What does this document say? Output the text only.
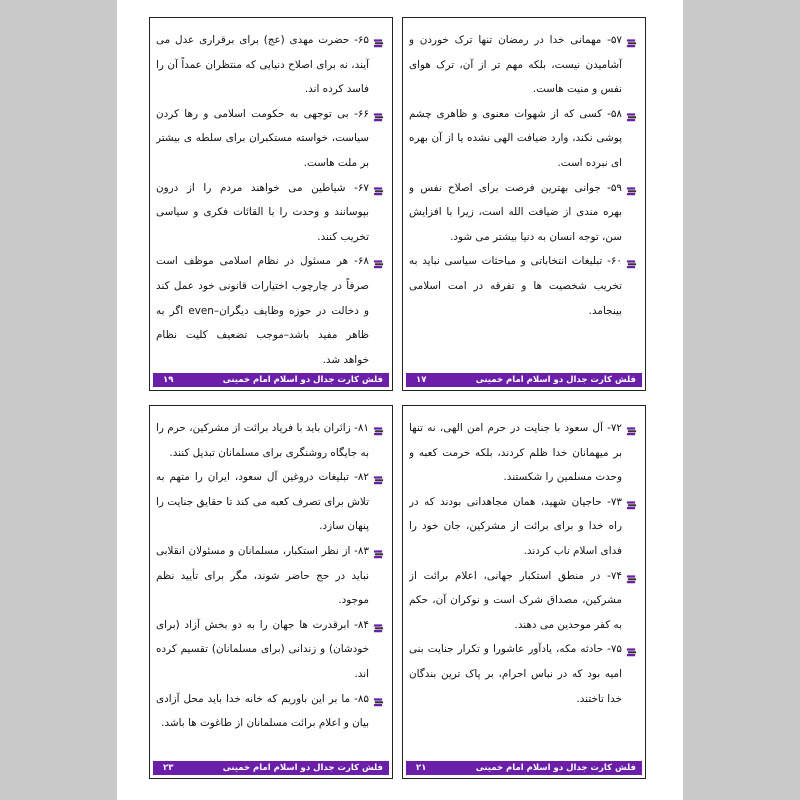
۵۷- مهمانی خدا در رمضان تنها ترک خوردن و آشامیدن نیست، بلکه مهم تر از آن، ترک هوای نفس و منیت هاست.

۵۸- کسی که از شهوات معنوی و ظاهری چشم پوشی نکند، وارد ضیافت الهی نشده یا از آن بهره ای نبرده است.

۵۹- جوانی بهترین فرصت برای اصلاح نفس و بهره مندی از ضیافت الله است، زیرا با افزایش سن، توجه انسان به دنیا بیشتر می شود.

۶۰- تبلیغات انتخاباتی و مباحثات سیاسی نباید به تخریب شخصیت ها و تفرقه در امت اسلامی بینجامد.

فلش کارت جدال دو اسلام امام خمینی
۱۷

۶۵- حضرت مهدی (عج) برای برقراری عدل می آیند، نه برای اصلاح دنیایی که منتظران عمداً آن را فاسد کرده اند.

۶۶- بی توجهی به حکومت اسلامی و رها کردن سیاست، خواسته مستکبران برای سلطه ی بیشتر بر ملت هاست.

۶۷- شیاطین می خواهند مردم را از درون بپوسانند و وحدت را با القائات فکری و سیاسی تخریب کنند.

۶۸- هر مسئول در نظام اسلامی موظف است صرفاً در چارچوب اختیارات قانونی خود عمل کند و دخالت در حوزه وظایف دیگران–even اگر به ظاهر مفید باشد–موجب تضعیف کلیت نظام خواهد شد.

فلش کارت جدال دو اسلام امام خمینی
۱۹

۷۲- آل سعود با جنایت در حرم امن الهی، نه تنها بر میهمانان خدا ظلم کردند، بلکه حرمت کعبه و وحدت مسلمین را شکستند.

۷۳- حاجیان شهید، همان مجاهدانی بودند که در راه خدا و برای برائت از مشرکین، جان خود را فدای اسلام ناب کردند.

۷۴- در منطق استکبار جهانی، اعلام برائت از مشرکین، مصداق شرک است و نوکران آن، حکم به کفر موحدین می دهند.

۷۵- حادثه مکه، یادآور عاشورا و تکرار جنایت بنی امیه بود که در نباس احرام، بر پاک ترین بندگان خدا تاختند.

فلش کارت جدال دو اسلام امام خمینی
۲۱

۸۱- زائران باید با فریاد برائت از مشرکین، حرم را به جایگاه روشنگری برای مسلمانان تبدیل کنند.

۸۲- تبلیغات دروغین آل سعود، ایران را متهم به تلاش برای تصرف کعبه می کند تا حقایق جنایت را پنهان سازد.

۸۳- از نظر استکبار، مسلمانان و مسئولان انقلابی نباید در حج حاضر شوند، مگر برای تأیید نظم موجود.

۸۴- ابرقدرت ها جهان را به دو بخش آزاد (برای خودشان) و زندانی (برای مسلمانان) تقسیم کرده اند.

۸۵- ما بر این باوریم که خانه خدا باید محل آزادی بیان و اعلام برائت مسلمانان از طاغوت ها باشد.

فلش کارت جدال دو اسلام امام خمینی
۲۳
